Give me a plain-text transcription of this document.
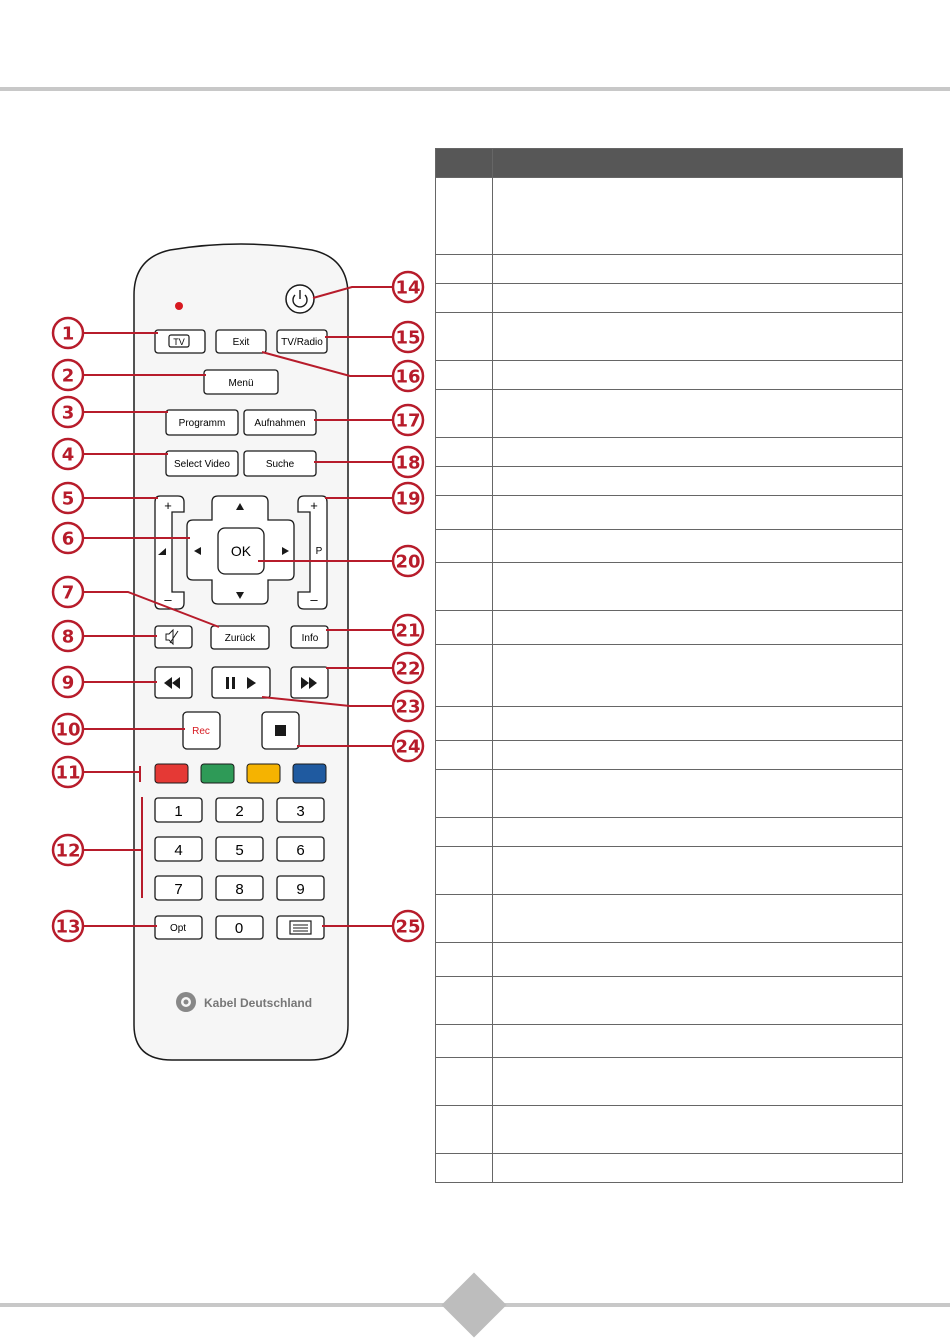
TV	Exit	TV/Radio
Menü
Programm	Aufnahmen
Select Video	Suche
+
–
+
P
–
OK
Zurück	Info
Rec
1	2	3
4	5	6
7	8	9
Opt	0
Kabel Deutschland
1
2
3
4
5
6
7
8
9
10
11
12
13
14
15
16
17
18
19
20
21
22
23
24
25
